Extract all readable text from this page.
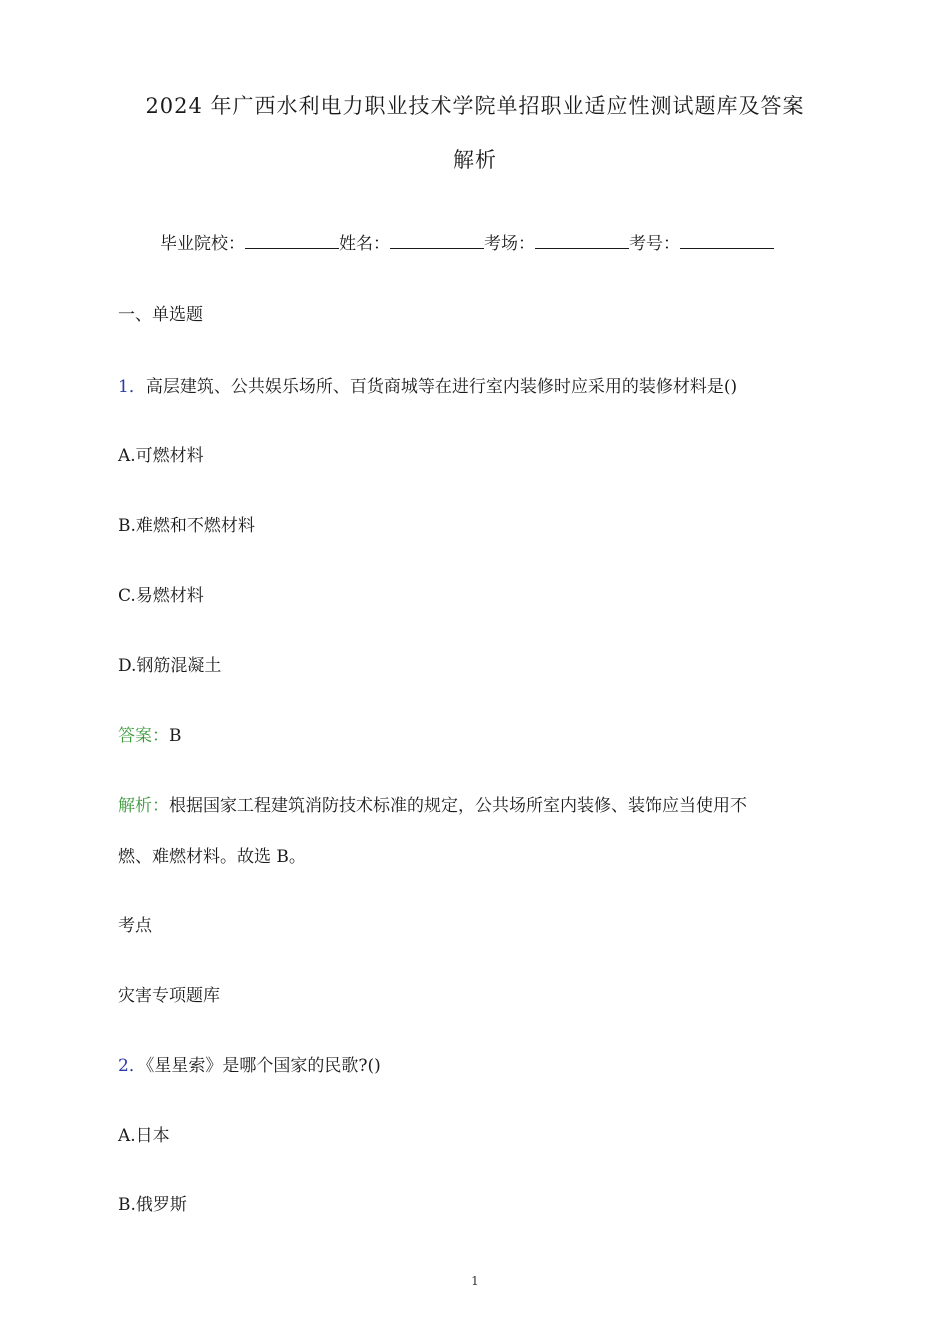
2024 年广西水利电力职业技术学院单招职业适应性测试题库及答案
解析
毕业院校：	姓名：	考场：	考号：
一、单选题
1．高层建筑、公共娱乐场所、百货商城等在进行室内装修时应采用的装修材料是()
A.可燃材料
B.难燃和不燃材料
C.易燃材料
D.钢筋混凝土
答案：B
解析：根据国家工程建筑消防技术标准的规定，公共场所室内装修、装饰应当使用不
燃、难燃材料。故选 B。
考点
灾害专项题库
2．《星星索》是哪个国家的民歌?()
A.日本
B.俄罗斯
1
